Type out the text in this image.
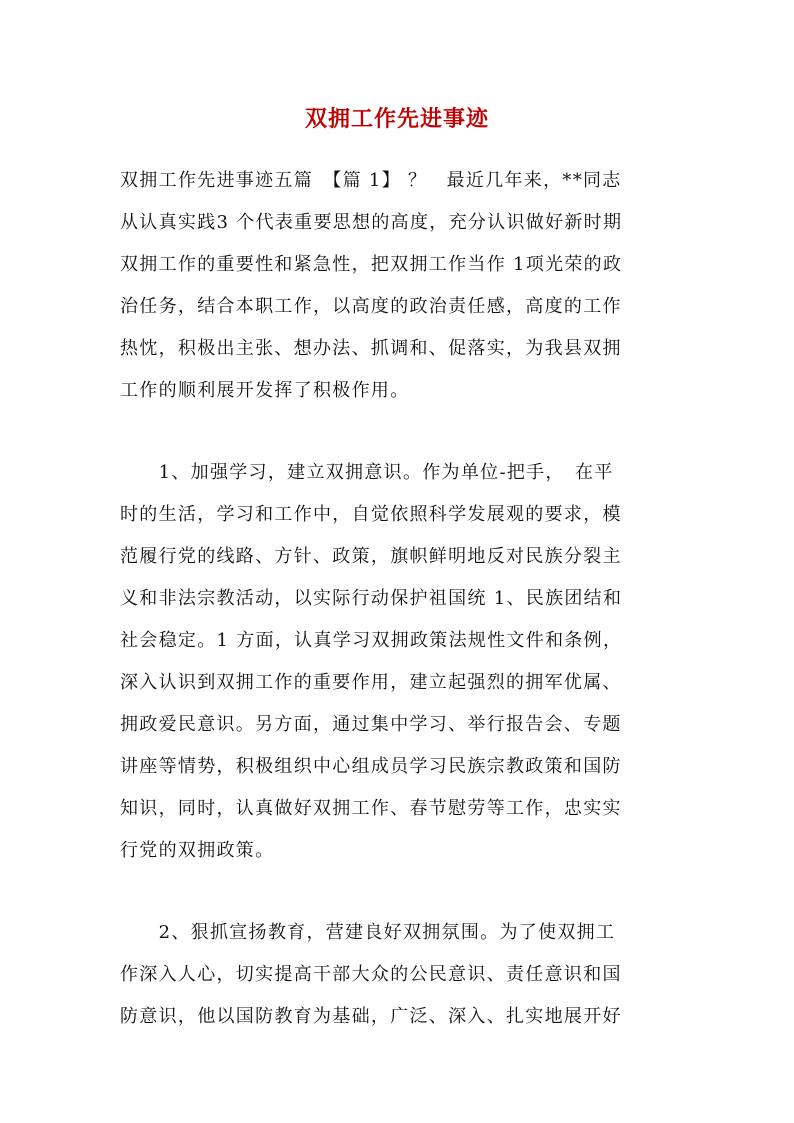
双拥工作先进事迹
双拥工作先进事迹五篇　【篇 1】 ？　最近几年来，**同志
从认真实践3 个代表重要思想的高度，充分认识做好新时期
双拥工作的重要性和紧急性，把双拥工作当作 1项光荣的政
治任务，结合本职工作，以高度的政治责任感，高度的工作
热忱，积极出主张、想办法、抓调和、促落实，为我县双拥
工作的顺利展开发挥了积极作用。
　　1、加强学习，建立双拥意识。作为单位-把手，　在平
时的生活，学习和工作中，自觉依照科学发展观的要求，模
范履行党的线路、方针、政策，旗帜鲜明地反对民族分裂主
义和非法宗教活动，以实际行动保护祖国统 1、民族团结和
社会稳定。1 方面，认真学习双拥政策法规性文件和条例，
深入认识到双拥工作的重要作用，建立起强烈的拥军优属、
拥政爱民意识。另方面，通过集中学习、举行报告会、专题
讲座等情势，积极组织中心组成员学习民族宗教政策和国防
知识，同时，认真做好双拥工作、春节慰劳等工作，忠实实
行党的双拥政策。
　　2、狠抓宣扬教育，营建良好双拥氛围。为了使双拥工
作深入人心，切实提高干部大众的公民意识、责任意识和国
防意识，他以国防教育为基础，广泛、深入、扎实地展开好
